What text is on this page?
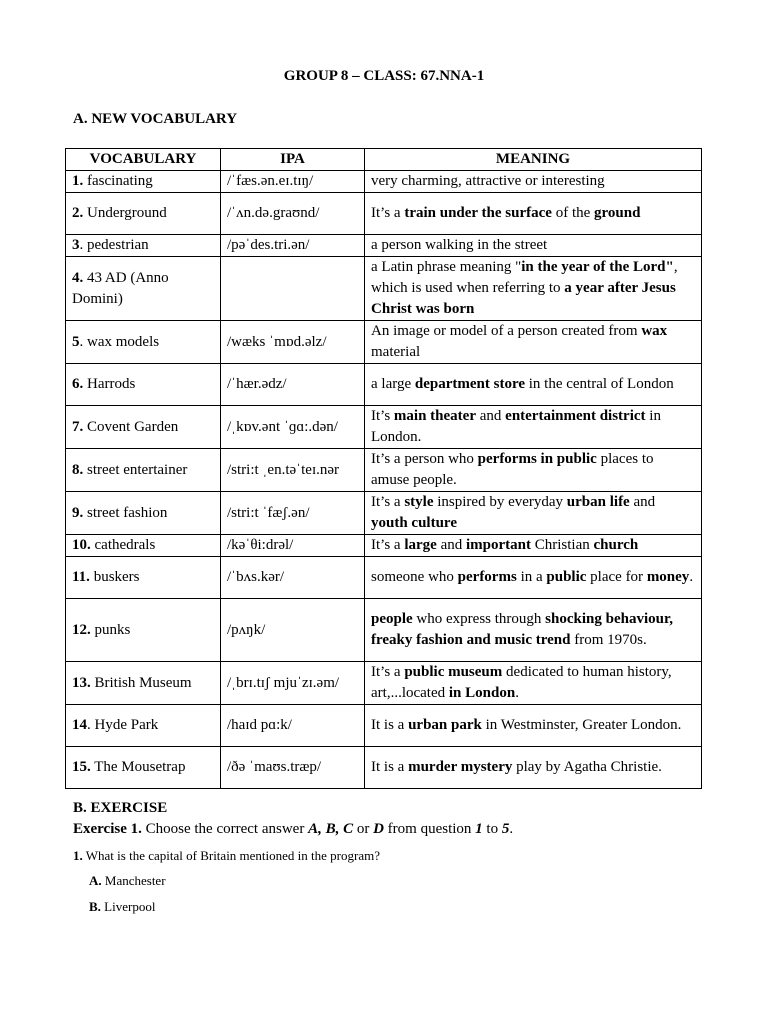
GROUP 8 – CLASS: 67.NNA-1
A. NEW VOCABULARY
VOCABULARY	IPA	MEANING
1. fascinating	/ˈfæs.ən.eɪ.tɪŋ/	very charming, attractive or interesting
2. Underground	/ˈʌn.də.graʊnd/	It’s a train under the surface of the ground
3. pedestrian	/pəˈdes.tri.ən/	a person walking in the street
4. 43 AD (Anno Domini)		a Latin phrase meaning "in the year of the Lord", which is used when referring to a year after Jesus Christ was born
5. wax models	/wæks ˈmɒd.əlz/	An image or model of a person created from wax material
6. Harrods	/ˈhær.ədz/	a large department store in the central of London
7. Covent Garden	/ˌkɒv.ənt ˈɡɑ:.dən/	It’s main theater and entertainment district in London.
8. street entertainer	/stri:t ˌen.təˈteɪ.nər	It’s a person who performs in public places to amuse people.
9. street fashion	/stri:t ˈfæʃ.ən/	It’s a style inspired by everyday urban life and youth culture
10. cathedrals	/kəˈθi:drəl/	It’s a large and important Christian church
11. buskers	/ˈbʌs.kər/	someone who performs in a public place for money.
12. punks	/pʌŋk/	people who express through shocking behaviour, freaky fashion and music trend from 1970s.
13. British Museum	/ˌbrɪ.tɪʃ mjuˈzɪ.əm/	It’s a public museum dedicated to human history, art,...located in London.
14. Hyde Park	/haɪd pɑ:k/	It is a urban park in Westminster, Greater London.
15. The Mousetrap	/ðə ˈmaʊs.træp/	It is a murder mystery play by Agatha Christie.
B. EXERCISE
Exercise 1. Choose the correct answer A, B, C or D from question 1 to 5.
1. What is the capital of Britain mentioned in the program?
A. Manchester
B. Liverpool
